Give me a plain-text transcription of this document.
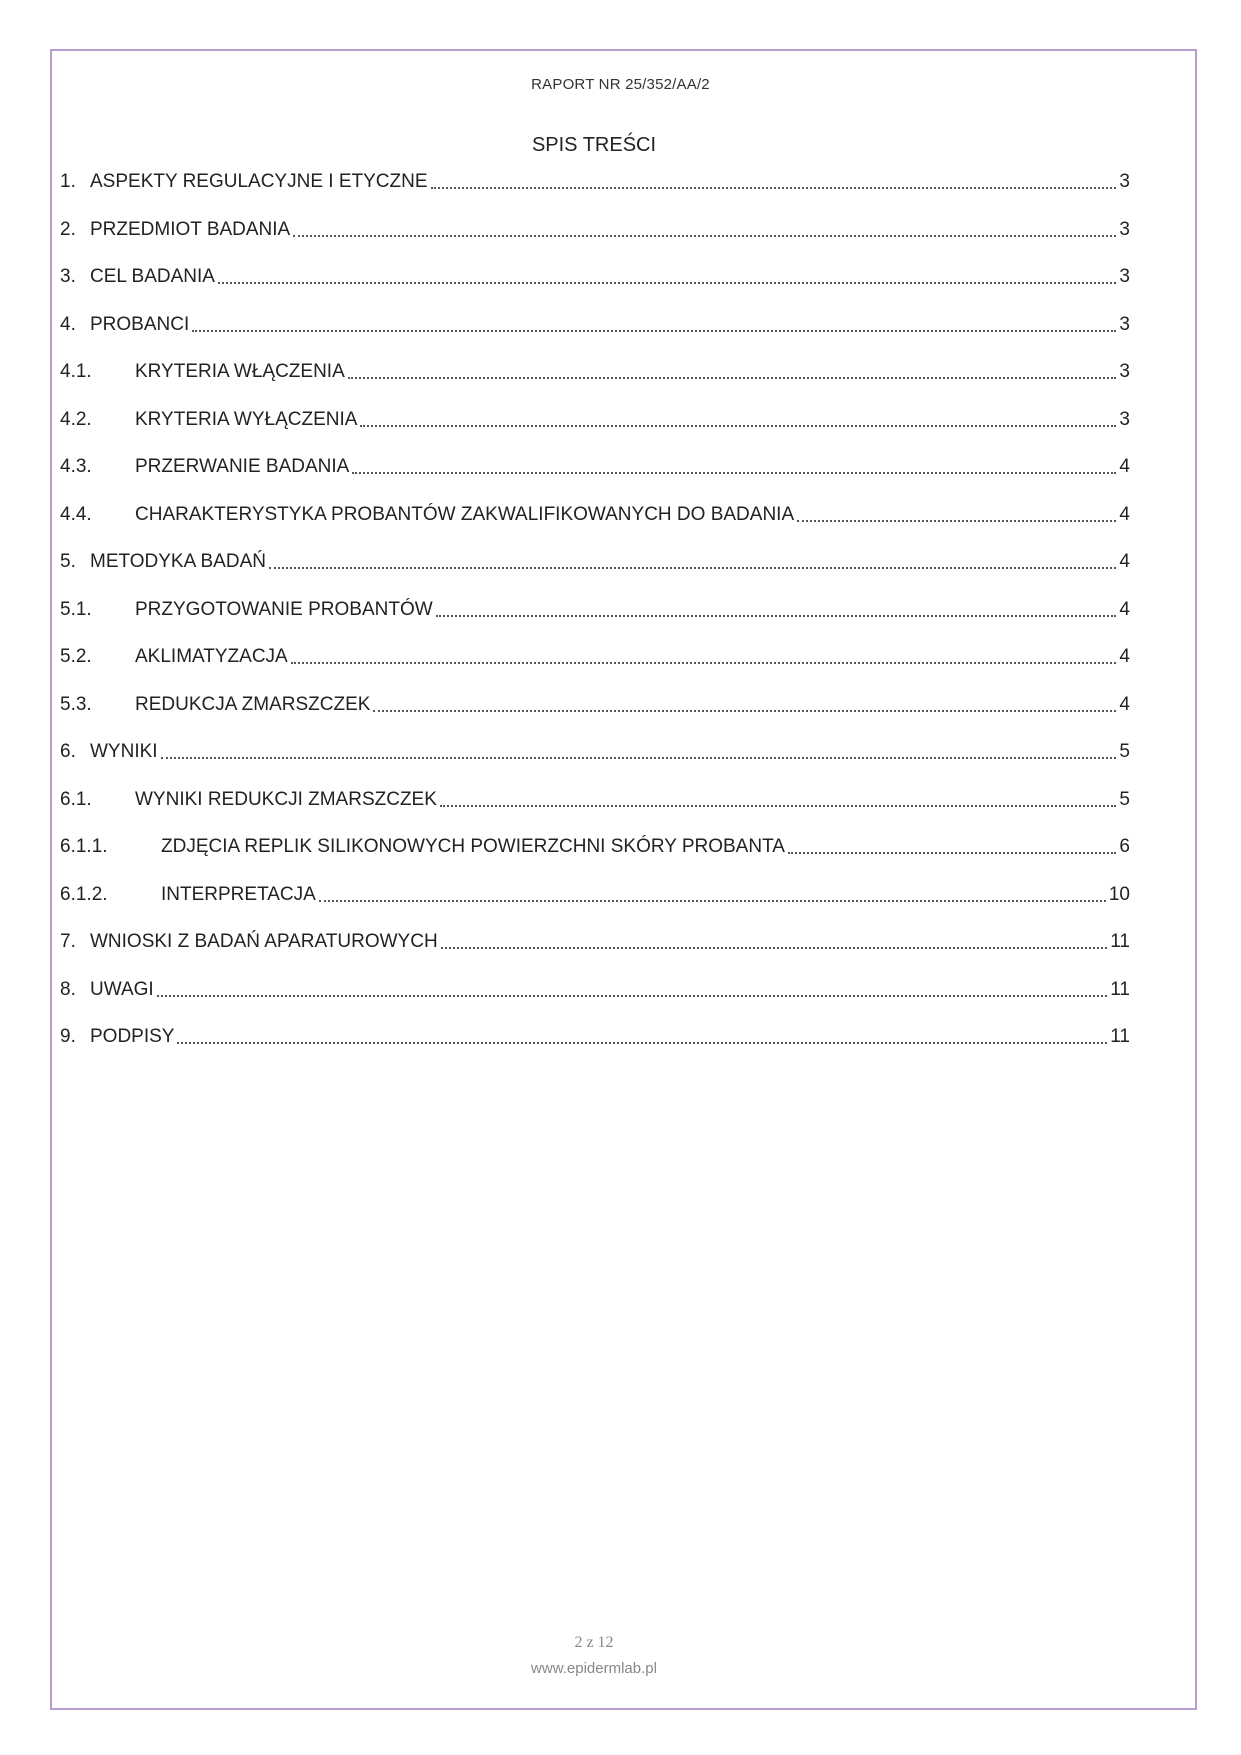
RAPORT NR 25/352/AA/2
SPIS TREŚCI
1. ASPEKTY REGULACYJNE I ETYCZNE	3
2. PRZEDMIOT BADANIA	3
3. CEL BADANIA	3
4. PROBANCI	3
4.1.	KRYTERIA WŁĄCZENIA	3
4.2.	KRYTERIA WYŁĄCZENIA	3
4.3.	PRZERWANIE BADANIA	4
4.4.	CHARAKTERYSTYKA PROBANTÓW ZAKWALIFIKOWANYCH DO BADANIA	4
5. METODYKA BADAŃ	4
5.1.	PRZYGOTOWANIE PROBANTÓW	4
5.2.	AKLIMATYZACJA	4
5.3.	REDUKCJA ZMARSZCZEK	4
6. WYNIKI	5
6.1.	WYNIKI REDUKCJI ZMARSZCZEK	5
6.1.1.	ZDJĘCIA REPLIK SILIKONOWYCH POWIERZCHNI SKÓRY PROBANTA	6
6.1.2.	INTERPRETACJA	10
7. WNIOSKI Z BADAŃ APARATUROWYCH	11
8. UWAGI	11
9. PODPISY	11
2 z 12
www.epidermlab.pl
